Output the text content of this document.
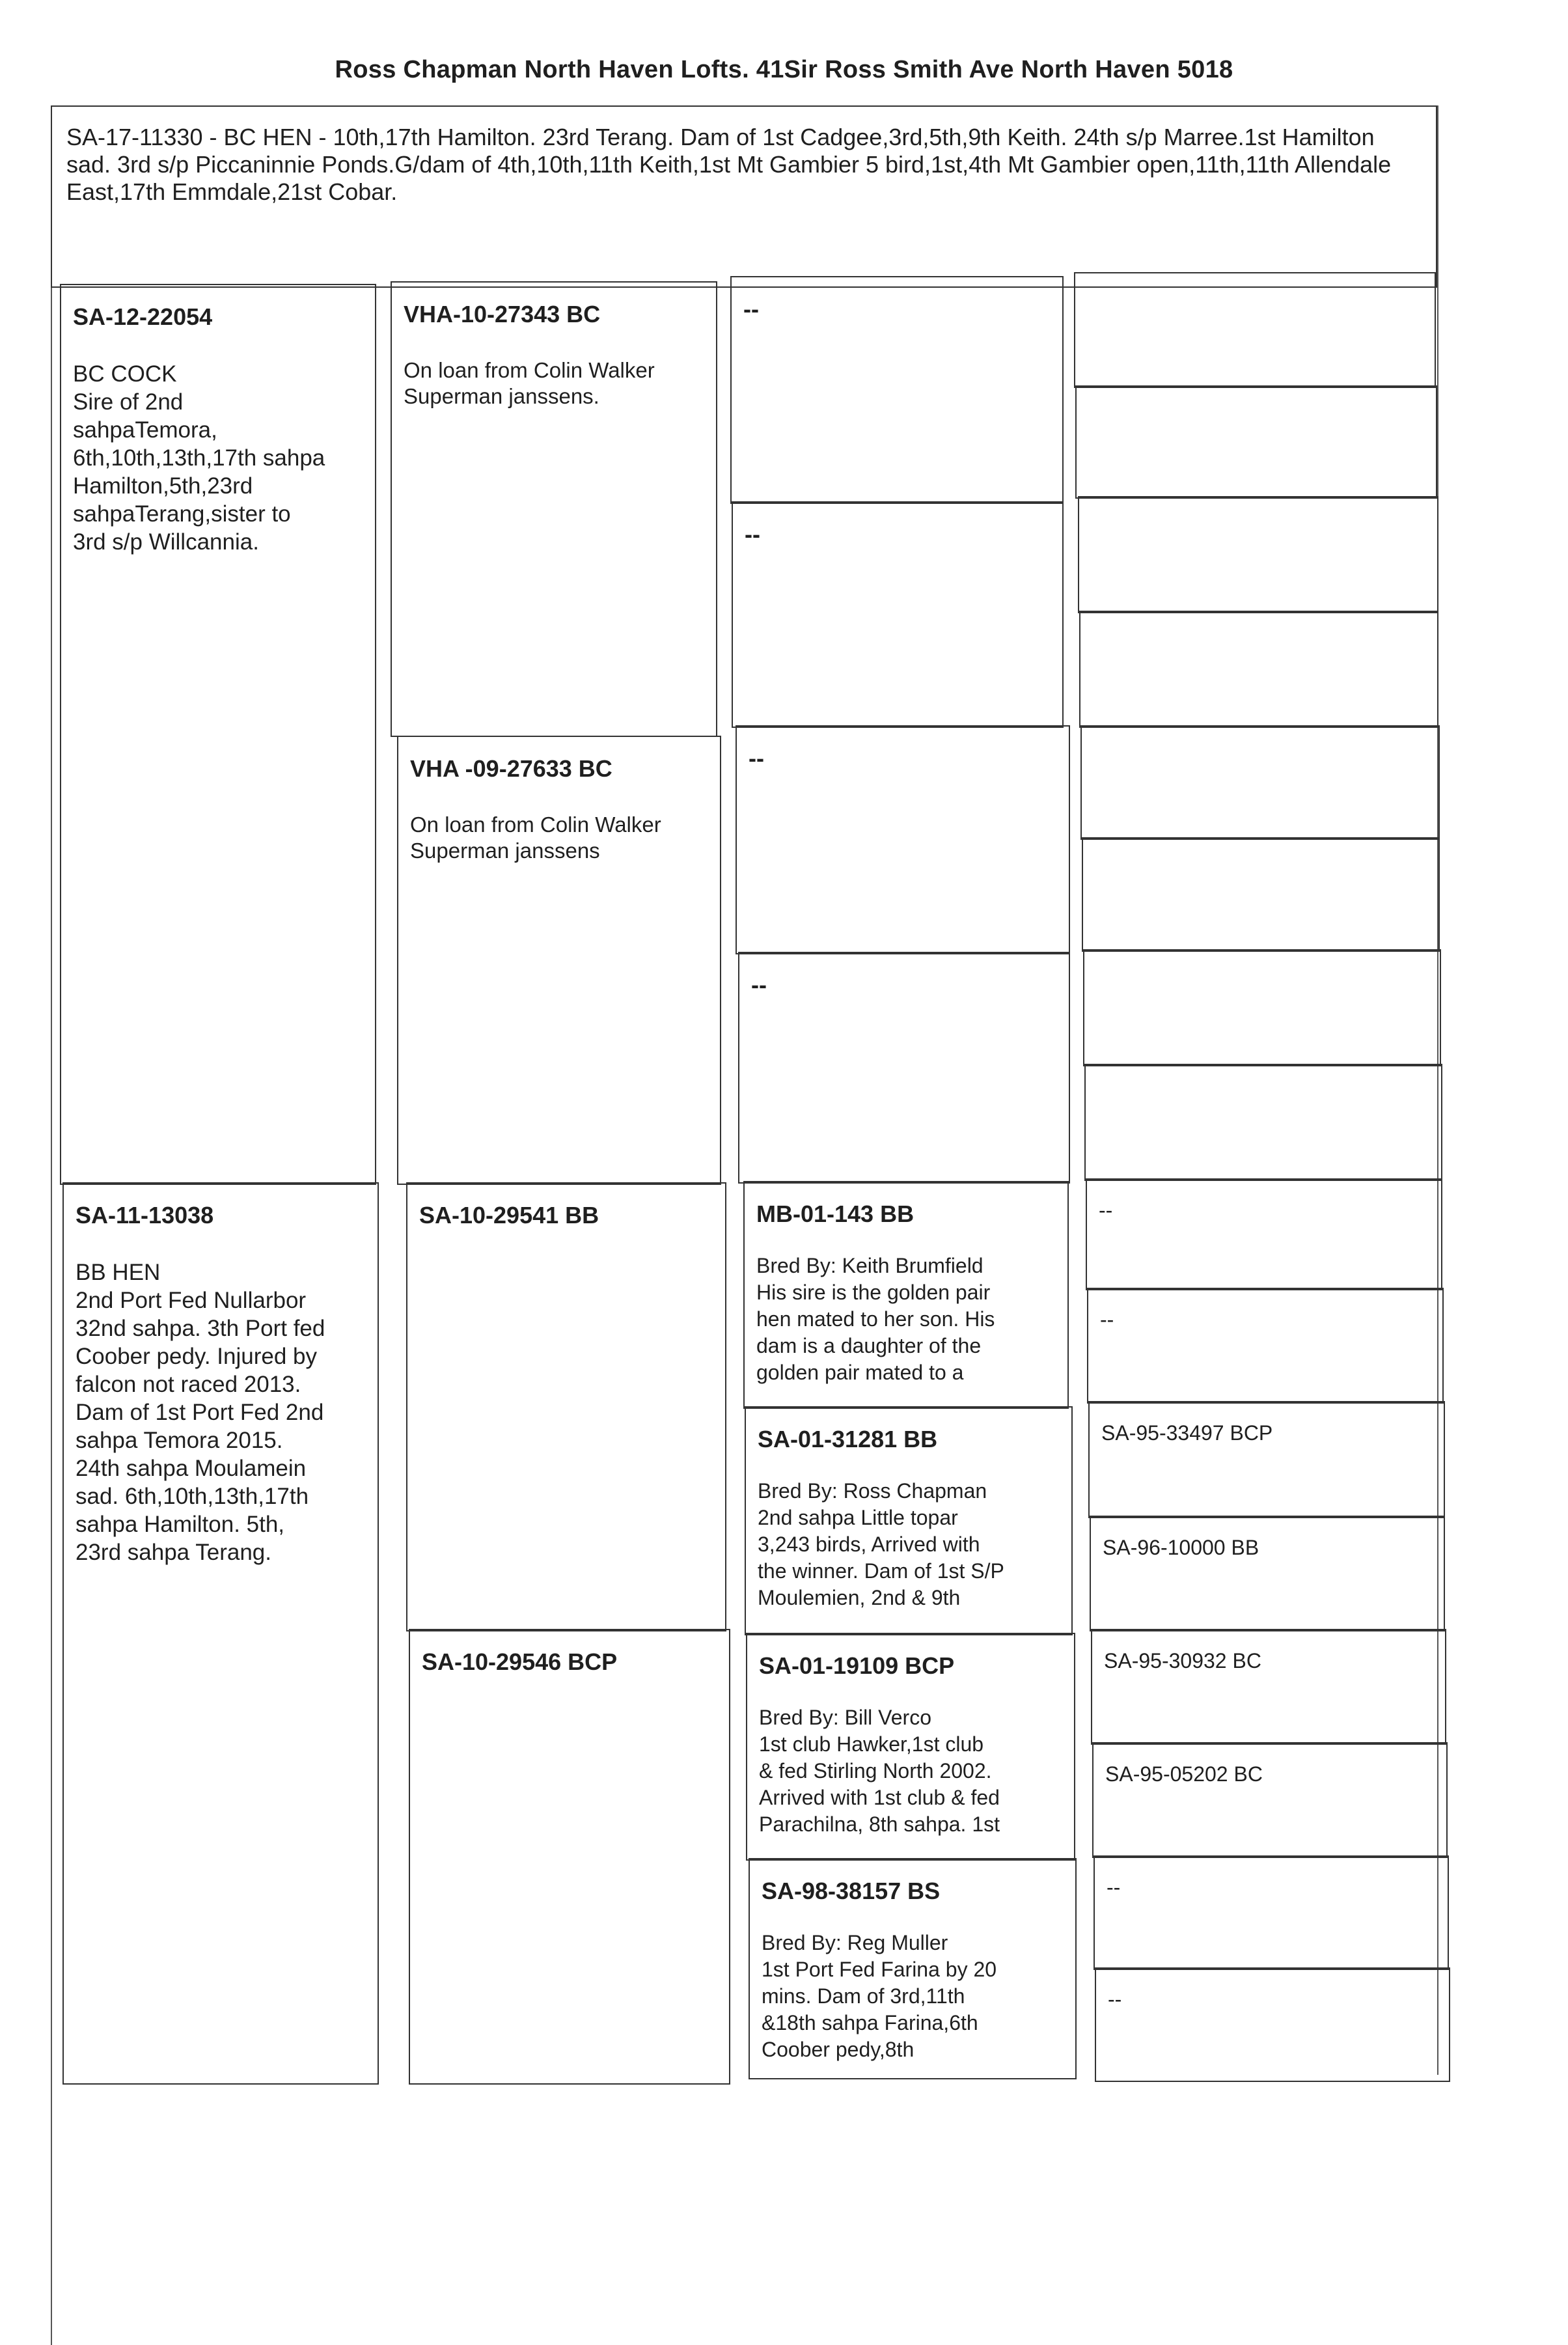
Ross Chapman North Haven Lofts. 41Sir Ross Smith Ave North Haven 5018
SA-17-11330 - BC HEN - 10th,17th Hamilton. 23rd Terang. Dam of 1st Cadgee,3rd,5th,9th Keith. 24th s/p Marree.1st Hamilton sad. 3rd s/p Piccaninnie Ponds.G/dam of 4th,10th,11th Keith,1st Mt Gambier 5 bird,1st,4th Mt Gambier open,11th,11th Allendale East,17th Emmdale,21st Cobar.
SA-12-22054
BC COCK
Sire of 2nd
sahpaTemora,
6th,10th,13th,17th sahpa
Hamilton,5th,23rd
sahpaTerang,sister to
3rd s/p Willcannia.
SA-11-13038
BB HEN
2nd Port Fed Nullarbor
32nd sahpa. 3th Port fed
Coober pedy. Injured by
falcon not raced 2013.
Dam of 1st Port Fed 2nd
sahpa Temora 2015.
24th sahpa Moulamein
sad. 6th,10th,13th,17th
sahpa Hamilton. 5th,
23rd sahpa Terang.
VHA-10-27343 BC
On loan from Colin Walker
Superman janssens.
VHA -09-27633 BC
On loan from Colin Walker
Superman janssens
SA-10-29541 BB
SA-10-29546 BCP
--
--
--
--
MB-01-143 BB
Bred By: Keith Brumfield
His sire is the golden pair
hen mated to her son. His
dam is a daughter of the
golden pair mated to a
SA-01-31281 BB
Bred By: Ross Chapman
2nd sahpa Little topar
3,243 birds, Arrived with
the winner. Dam of 1st S/P
Moulemien, 2nd & 9th
SA-01-19109 BCP
Bred By: Bill Verco
1st club Hawker,1st club
& fed Stirling North 2002.
Arrived with 1st club & fed
Parachilna, 8th sahpa. 1st
SA-98-38157 BS
Bred By: Reg Muller
1st Port Fed Farina by 20
mins. Dam of 3rd,11th
&18th sahpa Farina,6th
Coober pedy,8th
--
--
SA-95-33497 BCP
SA-96-10000 BB
SA-95-30932 BC
SA-95-05202 BC
--
--
